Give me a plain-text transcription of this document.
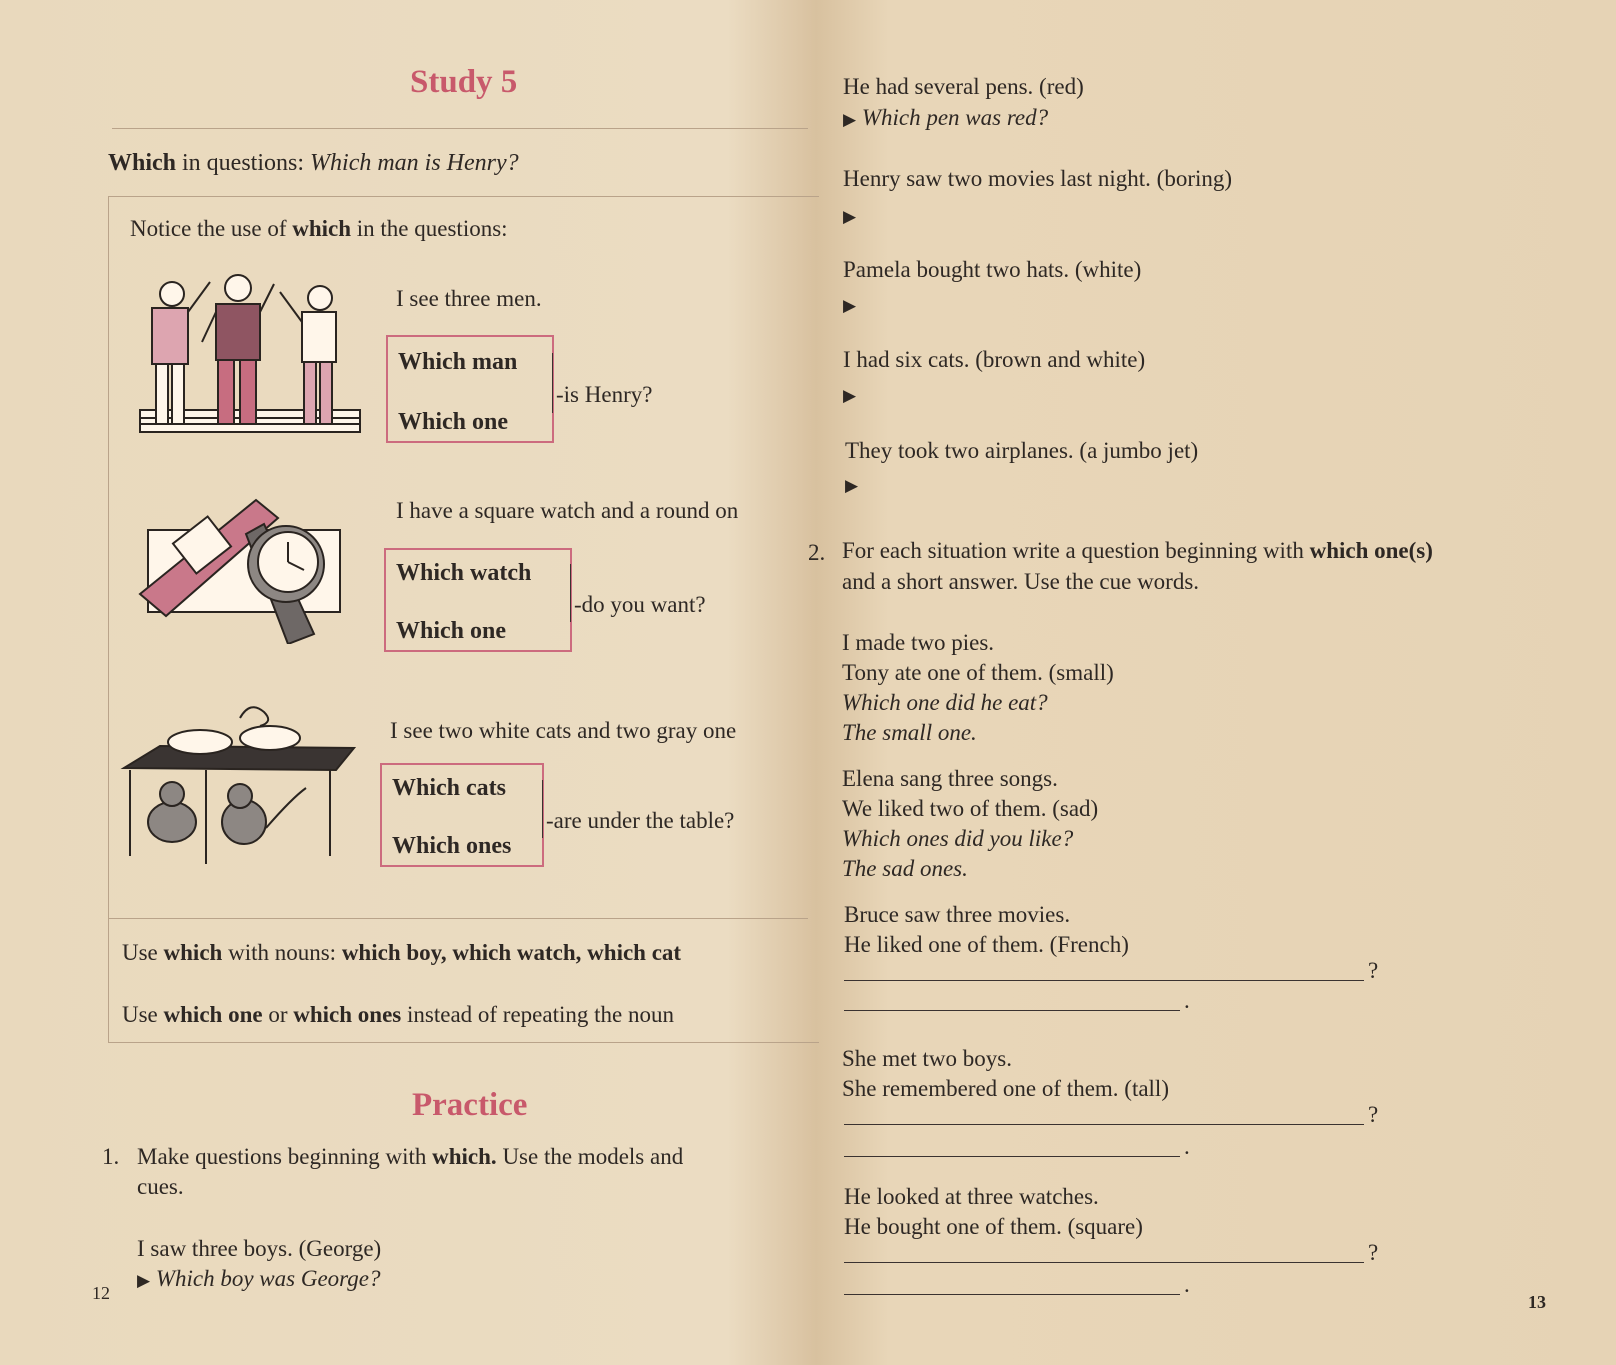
Study 5
Which in questions: Which man is Henry?
Notice the use of which in the questions:
I see three men.
Which man
Which one
-is Henry?
I have a square watch and a round on
Which watch
Which one
-do you want?
I see two white cats and two gray one
Which cats
Which ones
-are under the table?
Use which with nouns: which boy, which watch, which cat
Use which one or which ones instead of repeating the noun
Practice
1. Make questions beginning with which. Use the models and
cues.
I saw three boys. (George)
▶ Which boy was George?
12
He had several pens. (red)
▶ Which pen was red?
Henry saw two movies last night. (boring)
▶
Pamela bought two hats. (white)
▶
I had six cats. (brown and white)
▶
They took two airplanes. (a jumbo jet)
▶
2. For each situation write a question beginning with which one(s)
and a short answer. Use the cue words.
I made two pies.
Tony ate one of them. (small)
Which one did he eat?
The small one.
Elena sang three songs.
We liked two of them. (sad)
Which ones did you like?
The sad ones.
Bruce saw three movies.
He liked one of them. (French)
?
.
She met two boys.
She remembered one of them. (tall)
?
.
He looked at three watches.
He bought one of them. (square)
?
.
13
